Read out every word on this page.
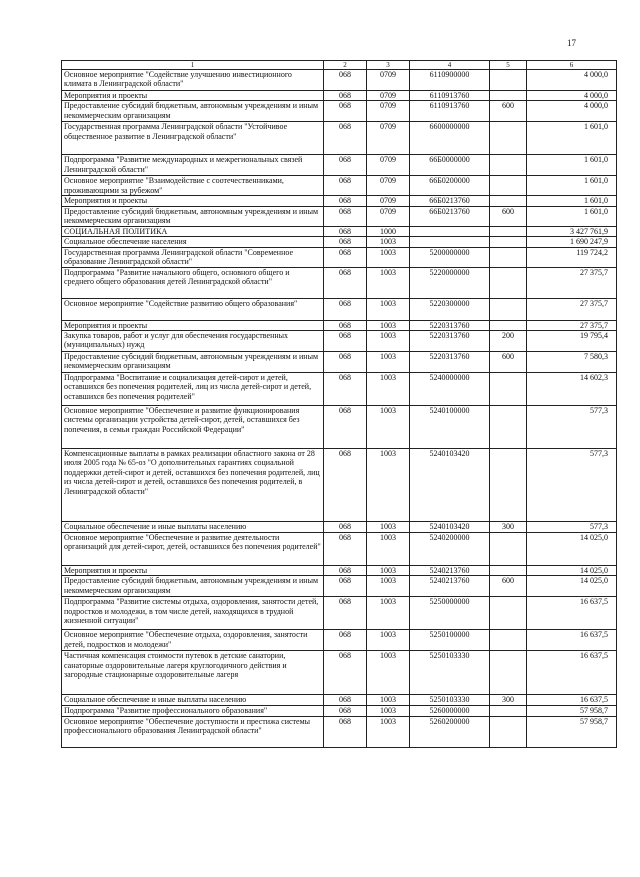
17
1	2	3	4	5	6
Основное мероприятие "Содействие улучшению инвестиционного климата в Ленинградской области"	068	0709	6110900000		4 000,0
Мероприятия и проекты	068	0709	6110913760		4 000,0
Предоставление субсидий бюджетным, автономным учреждениям и иным некоммерческим организациям	068	0709	6110913760	600	4 000,0
Государственная программа Ленинградской области "Устойчивое общественное развитие в Ленинградской области"	068	0709	6600000000		1 601,0
Подпрограмма "Развитие международных и межрегиональных связей Ленинградской области"	068	0709	66Б0000000		1 601,0
Основное мероприятие "Взаимодействие с соотечественниками, проживающими за рубежом"	068	0709	66Б0200000		1 601,0
Мероприятия и проекты	068	0709	66Б0213760		1 601,0
Предоставление субсидий бюджетным, автономным учреждениям и иным некоммерческим организациям	068	0709	66Б0213760	600	1 601,0
СОЦИАЛЬНАЯ ПОЛИТИКА	068	1000			3 427 761,9
Социальное обеспечение населения	068	1003			1 690 247,9
Государственная программа Ленинградской области "Современное образование Ленинградской области"	068	1003	5200000000		119 724,2
Подпрограмма "Развитие начального общего, основного общего и среднего общего образования детей Ленинградской области"	068	1003	5220000000		27 375,7
Основное мероприятие "Содействие развитию общего образования"	068	1003	5220300000		27 375,7
Мероприятия и проекты	068	1003	5220313760		27 375,7
Закупка товаров, работ и услуг для обеспечения государственных (муниципальных) нужд	068	1003	5220313760	200	19 795,4
Предоставление субсидий бюджетным, автономным учреждениям и иным некоммерческим организациям	068	1003	5220313760	600	7 580,3
Подпрограмма "Воспитание и социализация детей-сирот и детей, оставшихся без попечения родителей, лиц из числа детей-сирот и детей, оставшихся без попечения родителей"	068	1003	5240000000		14 602,3
Основное мероприятие "Обеспечение и развитие функционирования системы организации устройства детей-сирот, детей, оставшихся без попечения, в семьи граждан Российской Федерации"	068	1003	5240100000		577,3
Компенсационные выплаты в рамках реализации областного закона от 28 июля 2005 года № 65-оз "О дополнительных гарантиях социальной поддержки детей-сирот и детей, оставшихся без попечения родителей, лиц из числа детей-сирот и детей, оставшихся без попечения родителей, в Ленинградской области"	068	1003	5240103420		577,3
Социальное обеспечение и иные выплаты населению	068	1003	5240103420	300	577,3
Основное мероприятие "Обеспечение и развитие деятельности организаций для детей-сирот, детей, оставшихся без попечения родителей"	068	1003	5240200000		14 025,0
Мероприятия и проекты	068	1003	5240213760		14 025,0
Предоставление субсидий бюджетным, автономным учреждениям и иным некоммерческим организациям	068	1003	5240213760	600	14 025,0
Подпрограмма "Развитие системы отдыха, оздоровления, занятости детей, подростков и молодежи, в том числе детей, находящихся в трудной жизненной ситуации"	068	1003	5250000000		16 637,5
Основное мероприятие "Обеспечение отдыха, оздоровления, занятости детей, подростков и молодежи"	068	1003	5250100000		16 637,5
Частичная компенсация стоимости путевок в детские санатории, санаторные оздоровительные лагеря круглогодичного действия и загородные стационарные оздоровительные лагеря	068	1003	5250103330		16 637,5
Социальное обеспечение и иные выплаты населению	068	1003	5250103330	300	16 637,5
Подпрограмма "Развитие профессионального образования"	068	1003	5260000000		57 958,7
Основное мероприятие "Обеспечение доступности и престижа системы профессионального образования Ленинградской области"	068	1003	5260200000		57 958,7
